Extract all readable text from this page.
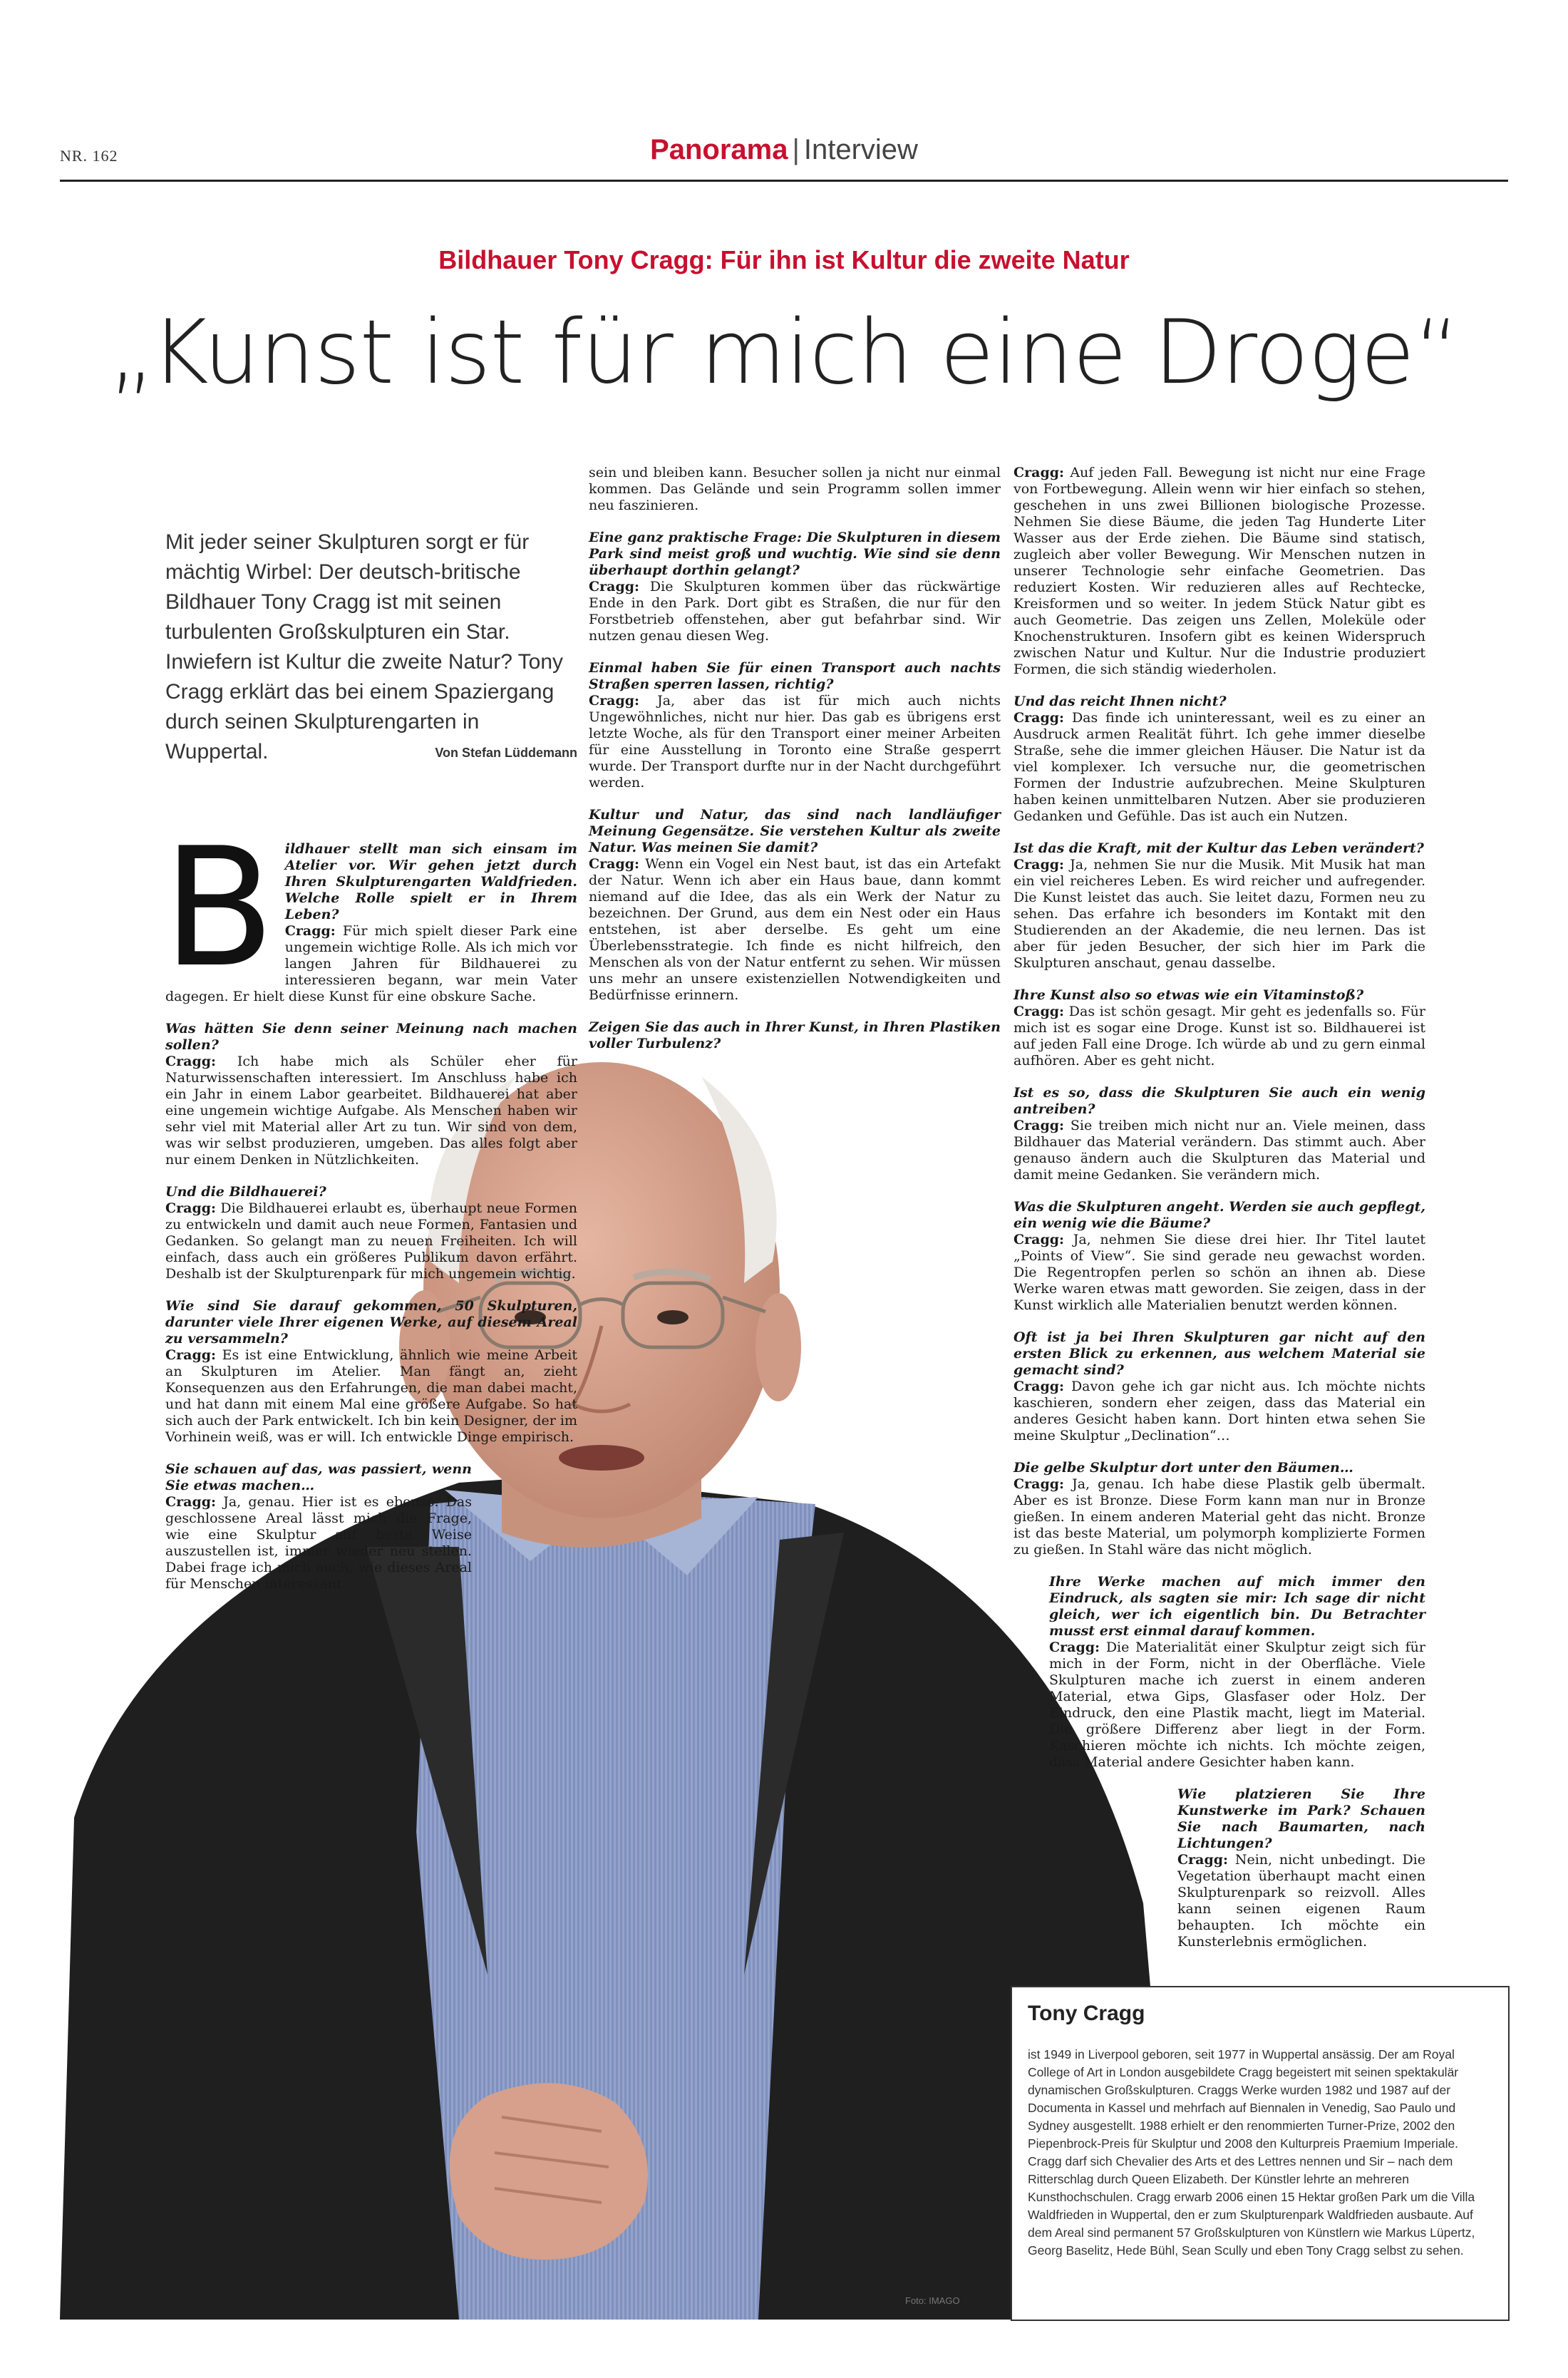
NR. 162	Panorama | Interview
Bildhauer Tony Cragg: Für ihn ist Kultur die zweite Natur
„Kunst ist für mich eine Droge“
Mit jeder seiner Skulpturen sorgt er für mächtig Wirbel: Der deutsch-britische Bildhauer Tony Cragg ist mit seinen turbulenten Großskulpturen ein Star. Inwiefern ist Kultur die zweite Natur? Tony Cragg erklärt das bei einem Spaziergang durch seinen Skulpturengarten in Wuppertal.	Von Stefan Lüddemann
Foto: IMAGO
B ildhauer stellt man sich einsam im Atelier vor. Wir gehen jetzt durch Ihren Skulpturengarten Waldfrieden. Welche Rolle spielt er in Ihrem Leben?
Cragg: Für mich spielt dieser Park eine ungemein wichtige Rolle. Als ich mich vor langen Jahren für Bildhauerei zu interessieren begann, war mein Vater dagegen. Er hielt diese Kunst für eine obskure Sache.

Was hätten Sie denn seiner Meinung nach machen sollen?
Cragg: Ich habe mich als Schüler eher für Naturwissenschaften interessiert. Im Anschluss habe ich ein Jahr in einem Labor gearbeitet. Bildhauerei hat aber eine ungemein wichtige Aufgabe. Als Menschen haben wir sehr viel mit Material aller Art zu tun. Wir sind von dem, was wir selbst produzieren, umgeben. Das alles folgt aber nur einem Denken in Nützlichkeiten.

Und die Bildhauerei?
Cragg: Die Bildhauerei erlaubt es, überhaupt neue Formen zu entwickeln und damit auch neue Formen, Fantasien und Gedanken. So gelangt man zu neuen Freiheiten. Ich will einfach, dass auch ein größeres Publikum davon erfährt. Deshalb ist der Skulpturenpark für mich ungemein wichtig.

Wie sind Sie darauf gekommen, 50 Skulpturen, darunter viele Ihrer eigenen Werke, auf diesem Areal zu versammeln?
Cragg: Es ist eine Entwicklung, ähnlich wie meine Arbeit an Skulpturen im Atelier. Man fängt an, zieht Konsequenzen aus den Erfahrungen, die man dabei macht, und hat dann mit einem Mal eine größere Aufgabe. So hat sich auch der Park entwickelt. Ich bin kein Designer, der im Vorhinein weiß, was er will. Ich entwickle Dinge empirisch.

Sie schauen auf das, was passiert, wenn Sie etwas machen…
Cragg: Ja, genau. Hier ist es ebenso. Das geschlossene Areal lässt mich die Frage, wie eine Skulptur auf beste Weise auszustellen ist, immer wieder neu stellen. Dabei frage ich mich auch, wie dieses Areal für Menschen interessant

sein und bleiben kann. Besucher sollen ja nicht nur einmal kommen. Das Gelände und sein Programm sollen immer neu faszinieren.

Eine ganz praktische Frage: Die Skulpturen in diesem Park sind meist groß und wuchtig. Wie sind sie denn überhaupt dorthin gelangt?
Cragg: Die Skulpturen kommen über das rückwärtige Ende in den Park. Dort gibt es Straßen, die nur für den Forstbetrieb offenstehen, aber gut befahrbar sind. Wir nutzen genau diesen Weg.

Einmal haben Sie für einen Transport auch nachts Straßen sperren lassen, richtig?
Cragg: Ja, aber das ist für mich auch nichts Ungewöhnliches, nicht nur hier. Das gab es übrigens erst letzte Woche, als für den Transport einer meiner Arbeiten für eine Ausstellung in Toronto eine Straße gesperrt wurde. Der Transport durfte nur in der Nacht durchgeführt werden.

Kultur und Natur, das sind nach landläufiger Meinung Gegensätze. Sie verstehen Kultur als zweite Natur. Was meinen Sie damit?
Cragg: Wenn ein Vogel ein Nest baut, ist das ein Artefakt der Natur. Wenn ich aber ein Haus baue, dann kommt niemand auf die Idee, das als ein Werk der Natur zu bezeichnen. Der Grund, aus dem ein Nest oder ein Haus entstehen, ist aber derselbe. Es geht um eine Überlebensstrategie. Ich finde es nicht hilfreich, den Menschen als von der Natur entfernt zu sehen. Wir müssen uns mehr an unsere existenziellen Notwendigkeiten und Bedürfnisse erinnern.

Zeigen Sie das auch in Ihrer Kunst, in Ihren Plastiken voller Turbulenz?

Cragg: Auf jeden Fall. Bewegung ist nicht nur eine Frage von Fortbewegung. Allein wenn wir hier einfach so stehen, geschehen in uns zwei Billionen biologische Prozesse. Nehmen Sie diese Bäume, die jeden Tag Hunderte Liter Wasser aus der Erde ziehen. Die Bäume sind statisch, zugleich aber voller Bewegung. Wir Menschen nutzen in unserer Technologie sehr einfache Geometrien. Das reduziert Kosten. Wir reduzieren alles auf Rechtecke, Kreisformen und so weiter. In jedem Stück Natur gibt es auch Geometrie. Das zeigen uns Zellen, Moleküle oder Knochenstrukturen. Insofern gibt es keinen Widerspruch zwischen Natur und Kultur. Nur die Industrie produziert Formen, die sich ständig wiederholen.

Und das reicht Ihnen nicht?
Cragg: Das finde ich uninteressant, weil es zu einer an Ausdruck armen Realität führt. Ich gehe immer dieselbe Straße, sehe die immer gleichen Häuser. Die Natur ist da viel komplexer. Ich versuche nur, die geometrischen Formen der Industrie aufzubrechen. Meine Skulpturen haben keinen unmittelbaren Nutzen. Aber sie produzieren Gedanken und Gefühle. Das ist auch ein Nutzen.

Ist das die Kraft, mit der Kultur das Leben verändert?
Cragg: Ja, nehmen Sie nur die Musik. Mit Musik hat man ein viel reicheres Leben. Es wird reicher und aufregender. Die Kunst leistet das auch. Sie leitet dazu, Formen neu zu sehen. Das erfahre ich besonders im Kontakt mit den Studierenden an der Akademie, die neu lernen. Das ist aber für jeden Besucher, der sich hier im Park die Skulpturen anschaut, genau dasselbe.

Ihre Kunst also so etwas wie ein Vitaminstoß?
Cragg: Das ist schön gesagt. Mir geht es jedenfalls so. Für mich ist es sogar eine Droge. Kunst ist so. Bildhauerei ist auf jeden Fall eine Droge. Ich würde ab und zu gern einmal aufhören. Aber es geht nicht.

Ist es so, dass die Skulpturen Sie auch ein wenig antreiben?
Cragg: Sie treiben mich nicht nur an. Viele meinen, dass Bildhauer das Material verändern. Das stimmt auch. Aber genauso ändern auch die Skulpturen das Material und damit meine Gedanken. Sie verändern mich.

Was die Skulpturen angeht. Werden sie auch gepflegt, ein wenig wie die Bäume?
Cragg: Ja, nehmen Sie diese drei hier. Ihr Titel lautet „Points of View“. Sie sind gerade neu gewachst worden. Die Regentropfen perlen so schön an ihnen ab. Diese Werke waren etwas matt geworden. Sie zeigen, dass in der Kunst wirklich alle Materialien benutzt werden können.

Oft ist ja bei Ihren Skulpturen gar nicht auf den ersten Blick zu erkennen, aus welchem Material sie gemacht sind?
Cragg: Davon gehe ich gar nicht aus. Ich möchte nichts kaschieren, sondern eher zeigen, dass das Material ein anderes Gesicht haben kann. Dort hinten etwa sehen Sie meine Skulptur „Declination“…

Die gelbe Skulptur dort unter den Bäumen…
Cragg: Ja, genau. Ich habe diese Plastik gelb übermalt. Aber es ist Bronze. Diese Form kann man nur in Bronze gießen. In einem anderen Material geht das nicht. Bronze ist das beste Material, um polymorph komplizierte Formen zu gießen. In Stahl wäre das nicht möglich.

Ihre Werke machen auf mich immer den Eindruck, als sagten sie mir: Ich sage dir nicht gleich, wer ich eigentlich bin. Du Betrachter musst erst einmal darauf kommen.
Cragg: Die Materialität einer Skulptur zeigt sich für mich in der Form, nicht in der Oberfläche. Viele Skulpturen mache ich zuerst in einem anderen Material, etwa Gips, Glasfaser oder Holz. Der Eindruck, den eine Plastik macht, liegt im Material. Die größere Differenz aber liegt in der Form. Kaschieren möchte ich nichts. Ich möchte zeigen, dass Material andere Gesichter haben kann.

Wie platzieren Sie Ihre Kunstwerke im Park? Schauen Sie nach Baumarten, nach Lichtungen?
Cragg: Nein, nicht unbedingt. Die Vegetation überhaupt macht einen Skulpturenpark so reizvoll. Alles kann seinen eigenen Raum behaupten. Ich möchte ein Kunsterlebnis ermöglichen.

Tony Cragg
ist 1949 in Liverpool geboren, seit 1977 in Wuppertal ansässig. Der am Royal College of Art in London ausgebildete Cragg begeistert mit seinen spektakulär dynamischen Großskulpturen. Craggs Werke wurden 1982 und 1987 auf der Documenta in Kassel und mehrfach auf Biennalen in Venedig, Sao Paulo und Sydney ausgestellt. 1988 erhielt er den renommierten Turner-Prize, 2002 den Piepenbrock-Preis für Skulptur und 2008 den Kulturpreis Praemium Imperiale. Cragg darf sich Chevalier des Arts et des Lettres nennen und Sir – nach dem Ritterschlag durch Queen Elizabeth. Der Künstler lehrte an mehreren Kunsthochschulen. Cragg erwarb 2006 einen 15 Hektar großen Park um die Villa Waldfrieden in Wuppertal, den er zum Skulpturenpark Waldfrieden ausbaute. Auf dem Areal sind permanent 57 Großskulpturen von Künstlern wie Markus Lüpertz, Georg Baselitz, Hede Bühl, Sean Scully und eben Tony Cragg selbst zu sehen.
